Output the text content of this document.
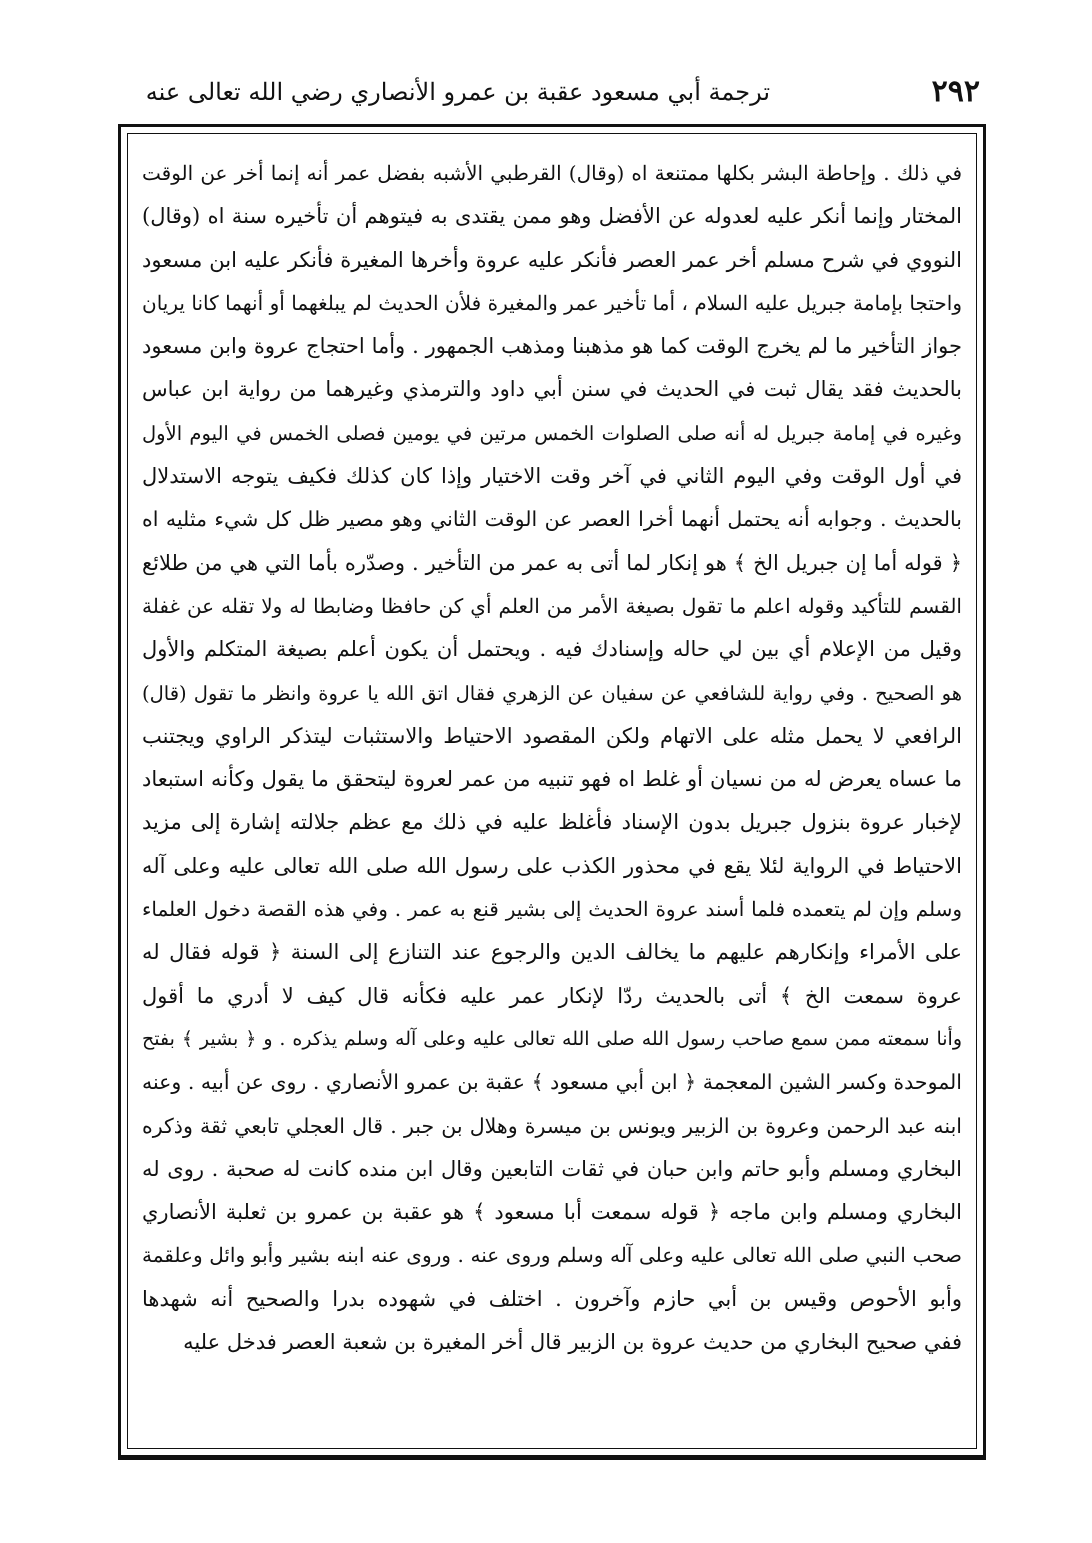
٢٩٢
ترجمة أبي مسعود عقبة بن عمرو الأنصاري رضي الله تعالى عنه
في ذلك . وإحاطة البشر بكلها ممتنعة اه (وقال) القرطبي الأشبه بفضل عمر أنه إنما أخر عن الوقت
المختار وإنما أنكر عليه لعدوله عن الأفضل وهو ممن يقتدى به فيتوهم أن تأخيره سنة اه (وقال)
النووي في شرح مسلم أخر عمر العصر فأنكر عليه عروة وأخرها المغيرة فأنكر عليه ابن مسعود
واحتجا بإمامة جبريل عليه السلام ، أما تأخير عمر والمغيرة فلأن الحديث لم يبلغهما أو أنهما كانا يريان
جواز التأخير ما لم يخرج الوقت كما هو مذهبنا ومذهب الجمهور . وأما احتجاج عروة وابن مسعود
بالحديث فقد يقال ثبت في الحديث في سنن أبي داود والترمذي وغيرهما من رواية ابن عباس
وغيره في إمامة جبريل له أنه صلى الصلوات الخمس مرتين في يومين فصلى الخمس في اليوم الأول
في أول الوقت وفي اليوم الثاني في آخر وقت الاختيار وإذا كان كذلك فكيف يتوجه الاستدلال
بالحديث . وجوابه أنه يحتمل أنهما أخرا العصر عن الوقت الثاني وهو مصير ظل كل شيء مثليه اه
﴿ قوله أما إن جبريل الخ ﴾ هو إنكار لما أتى به عمر من التأخير . وصدّره بأما التي هي من طلائع
القسم للتأكيد وقوله اعلم ما تقول بصيغة الأمر من العلم أي كن حافظا وضابطا له ولا تقله عن غفلة
وقيل من الإعلام أي بين لي حاله وإسنادك فيه . ويحتمل أن يكون أعلم بصيغة المتكلم والأول
هو الصحيح . وفي رواية للشافعي عن سفيان عن الزهري فقال اتق الله يا عروة وانظر ما تقول (قال)
الرافعي لا يحمل مثله على الاتهام ولكن المقصود الاحتياط والاستثبات ليتذكر الراوي ويجتنب
ما عساه يعرض له من نسيان أو غلط اه فهو تنبيه من عمر لعروة ليتحقق ما يقول وكأنه استبعاد
لإخبار عروة بنزول جبريل بدون الإسناد فأغلظ عليه في ذلك مع عظم جلالته إشارة إلى مزيد
الاحتياط في الرواية لئلا يقع في محذور الكذب على رسول الله صلى الله تعالى عليه وعلى آله
وسلم وإن لم يتعمده فلما أسند عروة الحديث إلى بشير قنع به عمر . وفي هذه القصة دخول العلماء
على الأمراء وإنكارهم عليهم ما يخالف الدين والرجوع عند التنازع إلى السنة ﴿ قوله فقال له
عروة سمعت الخ ﴾ أتى بالحديث ردّا لإنكار عمر عليه فكأنه قال كيف لا أدري ما أقول
وأنا سمعته ممن سمع صاحب رسول الله صلى الله تعالى عليه وعلى آله وسلم يذكره . و ﴿ بشير ﴾ بفتح
الموحدة وكسر الشين المعجمة ﴿ ابن أبي مسعود ﴾ عقبة بن عمرو الأنصاري . روى عن أبيه . وعنه
ابنه عبد الرحمن وعروة بن الزبير ويونس بن ميسرة وهلال بن جبر . قال العجلي تابعي ثقة وذكره
البخاري ومسلم وأبو حاتم وابن حبان في ثقات التابعين وقال ابن منده كانت له صحبة . روى له
البخاري ومسلم وابن ماجه ﴿ قوله سمعت أبا مسعود ﴾ هو عقبة بن عمرو بن ثعلبة الأنصاري
صحب النبي صلى الله تعالى عليه وعلى آله وسلم وروى عنه . وروى عنه ابنه بشير وأبو وائل وعلقمة
وأبو الأحوص وقيس بن أبي حازم وآخرون . اختلف في شهوده بدرا والصحيح أنه شهدها
ففي صحيح البخاري من حديث عروة بن الزبير قال أخر المغيرة بن شعبة العصر فدخل عليه
